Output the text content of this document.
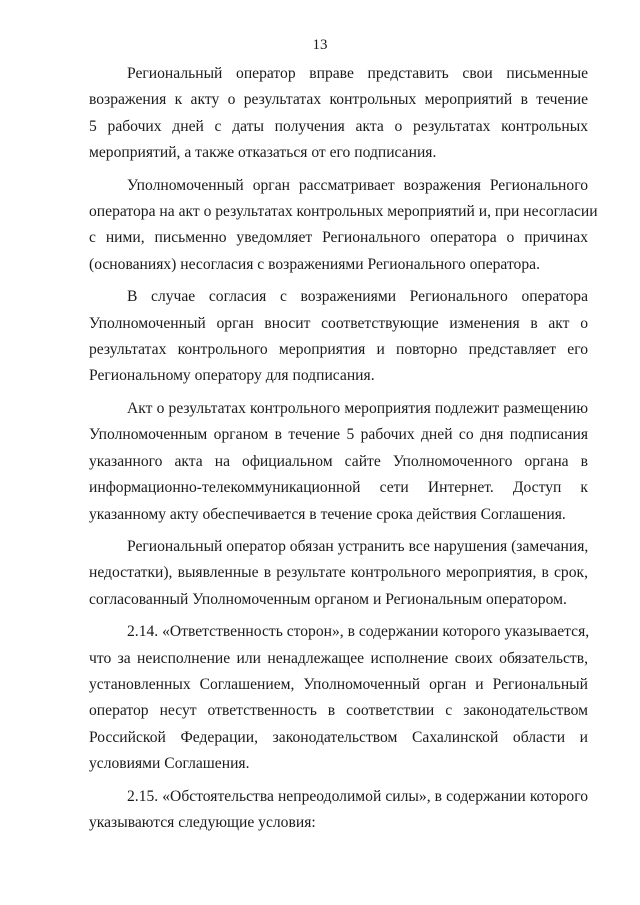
13

Региональный оператор вправе представить свои письменные
возражения к акту о результатах контрольных мероприятий в течение
5 рабочих дней с даты получения акта о результатах контрольных
мероприятий, а также отказаться от его подписания.

Уполномоченный орган рассматривает возражения Регионального
оператора на акт о результатах контрольных мероприятий и, при несогласии
с ними, письменно уведомляет Регионального оператора о причинах
(основаниях) несогласия с возражениями Регионального оператора.

В случае согласия с возражениями Регионального оператора
Уполномоченный орган вносит соответствующие изменения в акт о
результатах контрольного мероприятия и повторно представляет его
Региональному оператору для подписания.

Акт о результатах контрольного мероприятия подлежит размещению
Уполномоченным органом в течение 5 рабочих дней со дня подписания
указанного акта на официальном сайте Уполномоченного органа в
информационно-телекоммуникационной сети Интернет. Доступ к
указанному акту обеспечивается в течение срока действия Соглашения.

Региональный оператор обязан устранить все нарушения (замечания,
недостатки), выявленные в результате контрольного мероприятия, в срок,
согласованный Уполномоченным органом и Региональным оператором.

2.14. «Ответственность сторон», в содержании которого указывается,
что за неисполнение или ненадлежащее исполнение своих обязательств,
установленных Соглашением, Уполномоченный орган и Региональный
оператор несут ответственность в соответствии с законодательством
Российской Федерации, законодательством Сахалинской области и
условиями Соглашения.

2.15. «Обстоятельства непреодолимой силы», в содержании которого
указываются следующие условия:
